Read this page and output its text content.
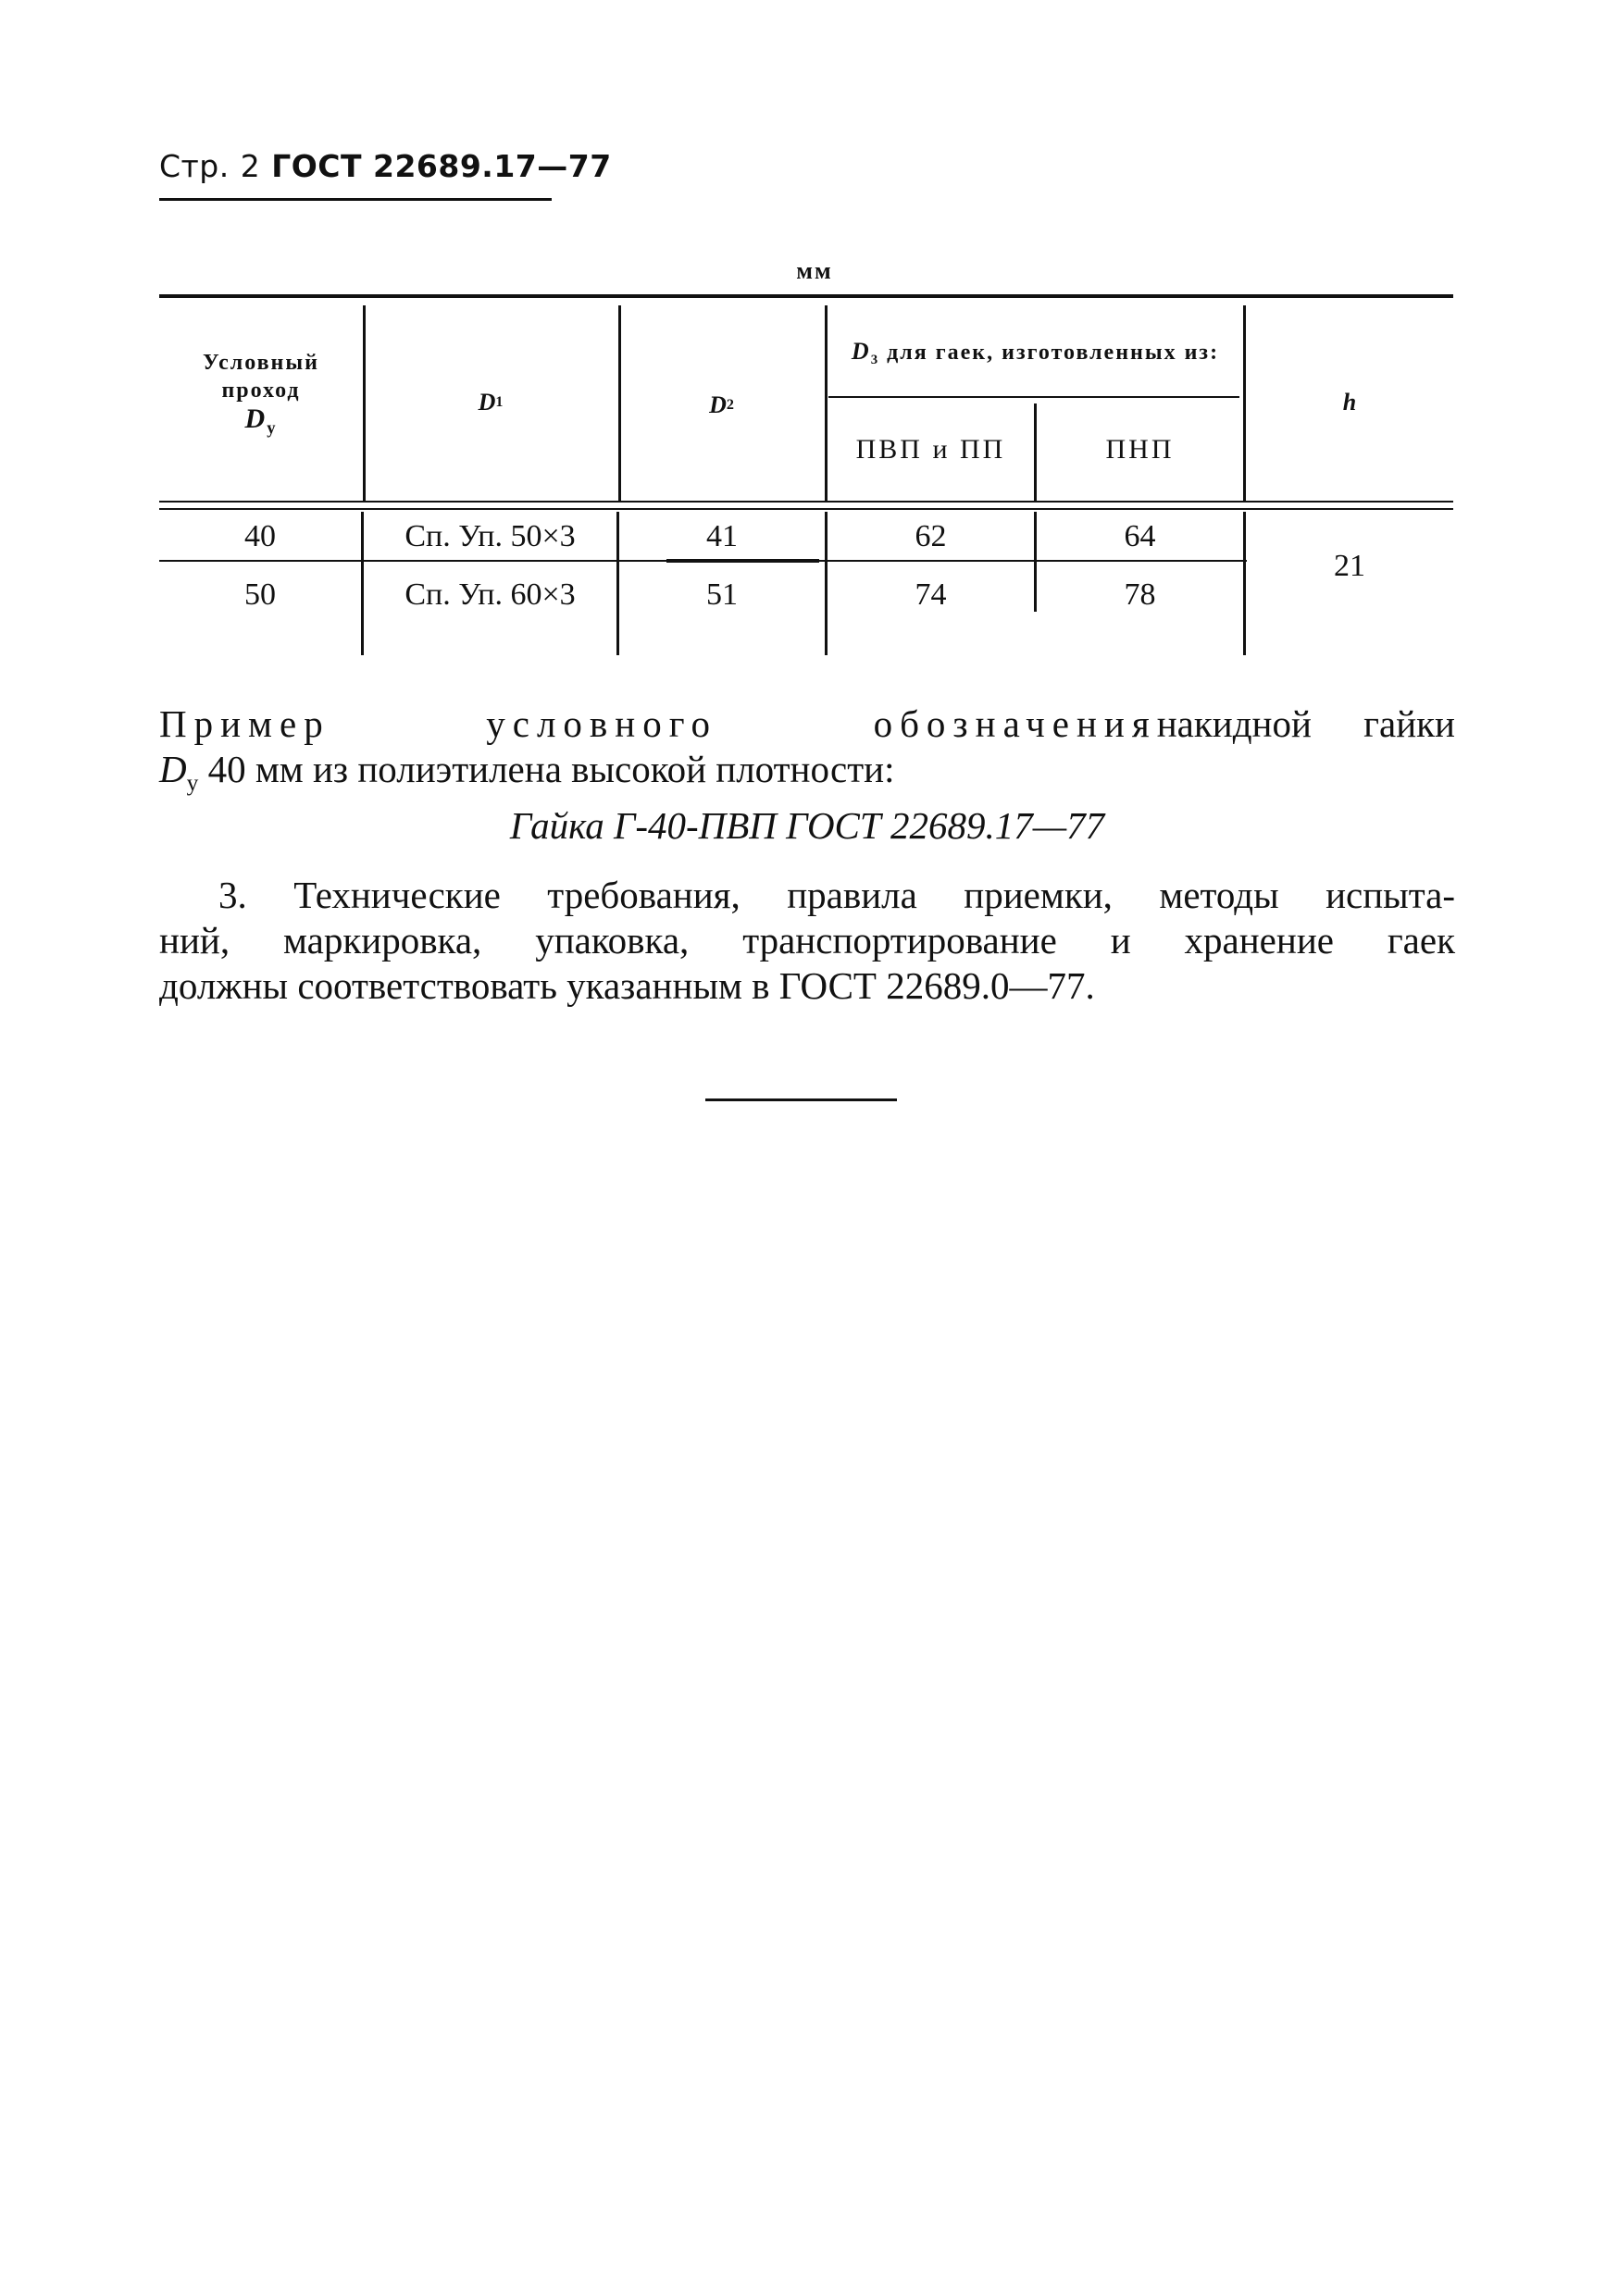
Стр. 2 ГОСТ 22689.17—77
мм
Условный проход
$D_y$
D 1	D 2
$D_3$ для гаек, изготовленных из:
ПВП и ПП	ПНП
h
40	Сп. Уп. 50×3	41	62	64
50	Сп. Уп. 60×3	51	74	78
21
Пример условного обозначения накидной гайки
$D_y$ 40 мм из полиэтилена высокой плотности:
Гайка Г-40-ПВП ГОСТ 22689.17—77
3. Технические требования, правила приемки, методы испыта-
ний, маркировка, упаковка, транспортирование и хранение гаек
должны соответствовать указанным в ГОСТ 22689.0—77.
